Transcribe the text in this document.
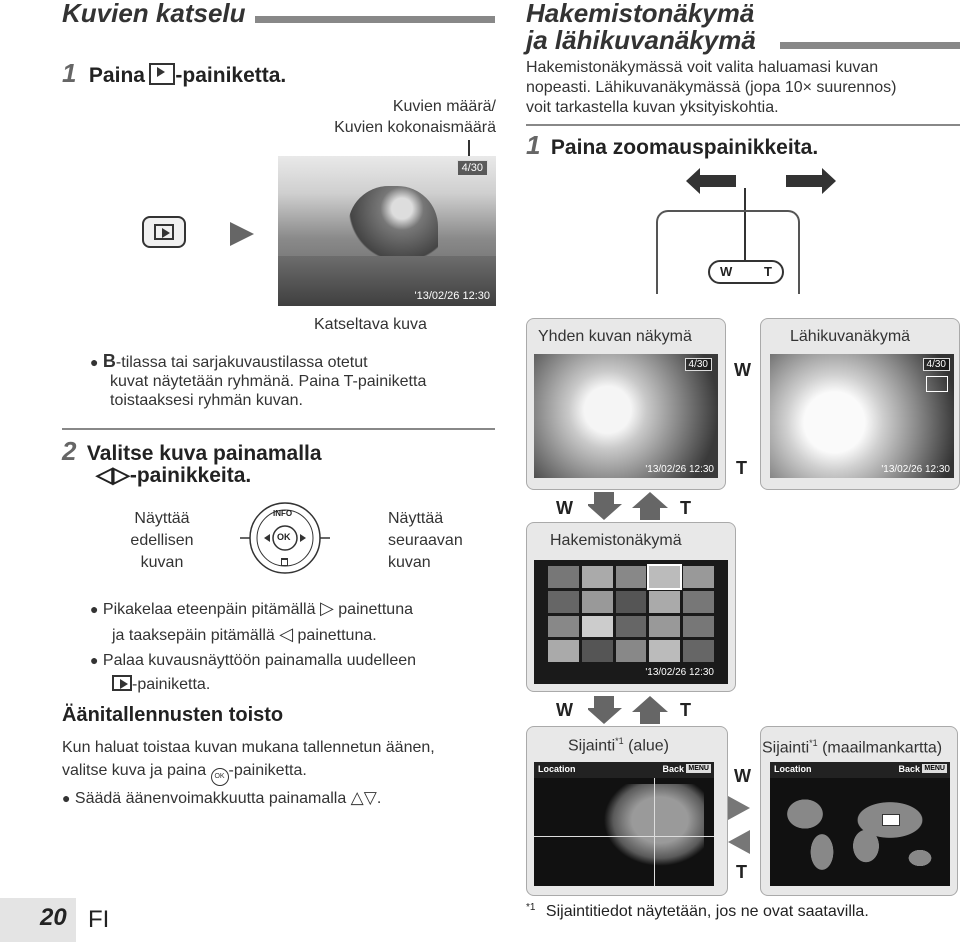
Kuvien katselu
1 Paina -painiketta.
Kuvien määrä/
Kuvien kokonaismäärä
4/30
'13/02/26 12:30
Katseltava kuva
● B-tilassa tai sarjakuvaustilassa otetut
kuvat näytetään ryhmänä. Paina T-painiketta
toistaaksesi ryhmän kuvan.
2 Valitse kuva painamalla
◁▷-painikkeita.
Näyttää
edellisen
kuvan
Näyttää
seuraavan
kuvan
INFO
OK
● Pikakelaa eteenpäin pitämällä ▷ painettuna
ja taaksepäin pitämällä ◁ painettuna.
● Palaa kuvausnäyttöön painamalla uudelleen
-painiketta.
Äänitallennusten toisto
Kun haluat toistaa kuvan mukana tallennetun äänen,
valitse kuva ja paina OK -painiketta.
● Säädä äänenvoimakkuutta painamalla △▽.
20 FI
Hakemistonäkymä
ja lähikuvanäkymä
Hakemistonäkymässä voit valita haluamasi kuvan
nopeasti. Lähikuvanäkymässä (jopa 10× suurennos)
voit tarkastella kuvan yksityiskohtia.
1 Paina zoomauspainikkeita.
W T
Yhden kuvan näkymä
4/30
'13/02/26 12:30
W
T
Lähikuvanäkymä
4/30
'13/02/26 12:30
W	T
Hakemistonäkymä
'13/02/26 12:30
W	T
Sijainti$^{*1}$ (alue)
Location	Back MENU W
T
Sijainti$^{*1}$ (maailmankartta)
Location	Back MENU
$^{*1}$ Sijaintitiedot näytetään, jos ne ovat saatavilla.
